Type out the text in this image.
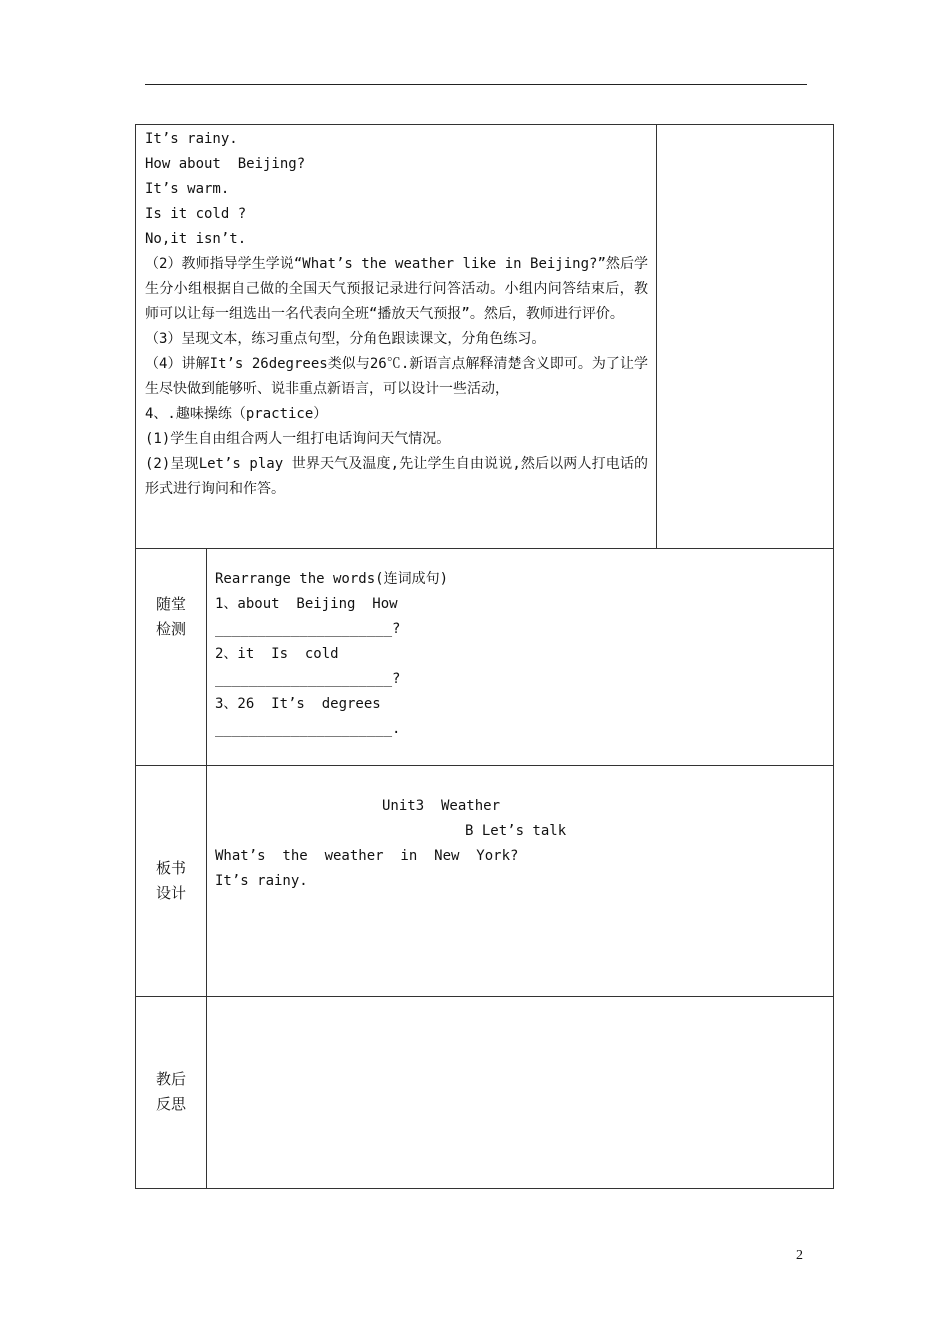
It’s rainy.

How about  Beijing?

It’s warm.

Is it cold ?

No,it isn’t.

（2）教师指导学生学说“What’s the weather like in Beijing?”然后学生分小组根据自己做的全国天气预报记录进行问答活动。小组内问答结束后，教师可以让每一组选出一名代表向全班“播放天气预报”。然后，教师进行评价。

（3）呈现文本，练习重点句型，分角色跟读课文，分角色练习。

（4）讲解It’s 26degrees类似与26℃.新语言点解释清楚含义即可。为了让学生尽快做到能够听、说非重点新语言，可以设计一些活动，

4、.趣味操练（practice）

(1)学生自由组合两人一组打电话询问天气情况。

(2)呈现Let’s play 世界天气及温度,先让学生自由说说,然后以两人打电话的形式进行询问和作答。

随堂
检测

Rearrange the words(连词成句)

1、about  Beijing  How

_____________________?

2、it  Is  cold

_____________________?

3、26  It’s  degrees

_____________________.

板书
设计

Unit3  Weather

B Let’s talk

What’s  the  weather  in  New  York?

It’s rainy.

教后
反思
2
